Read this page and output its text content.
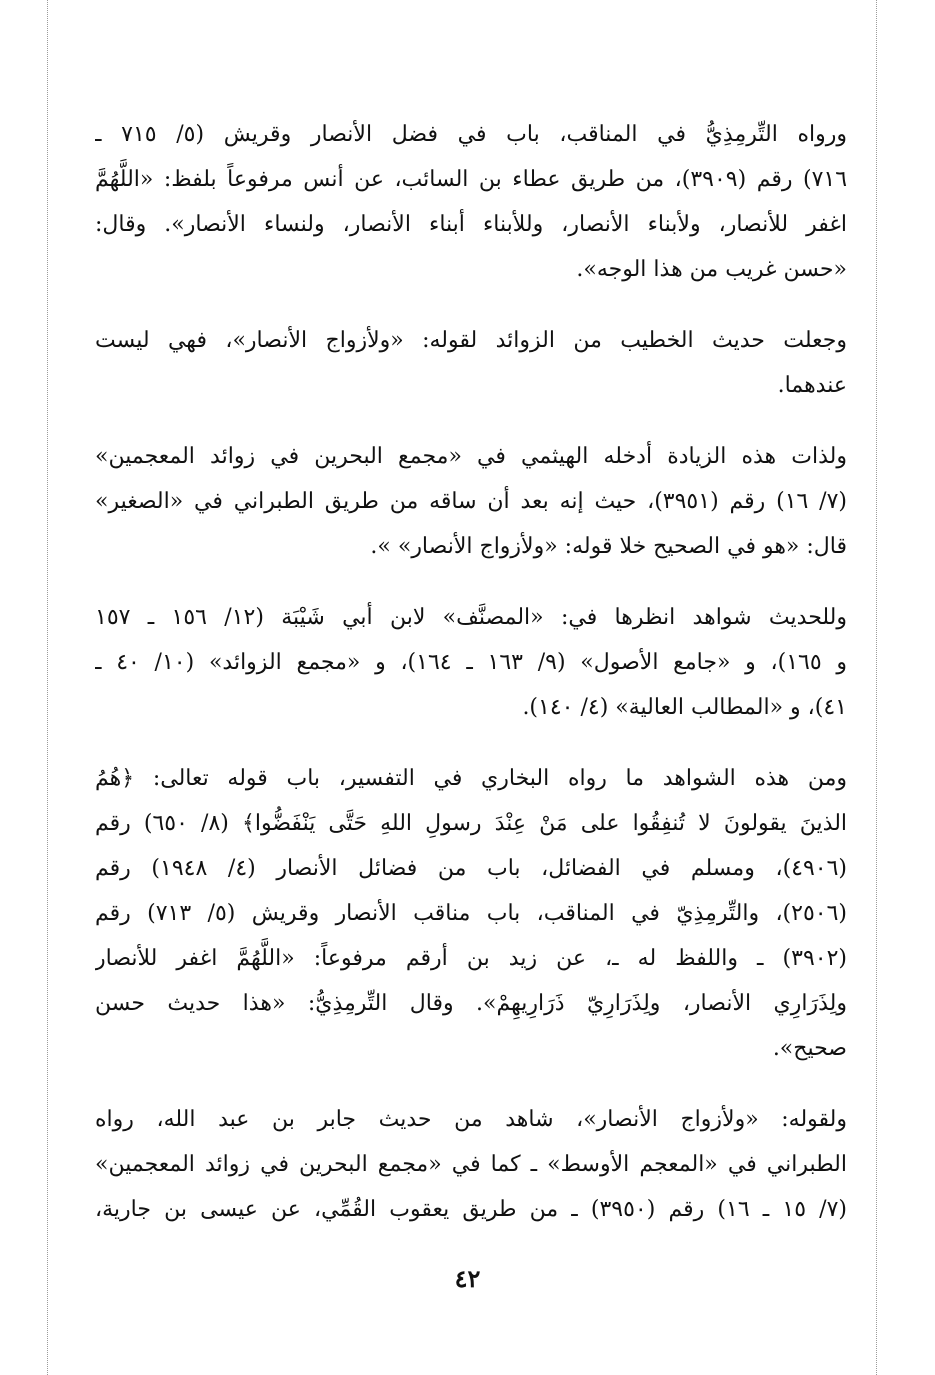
ورواه التِّرمِذِيُّ في المناقب، باب في فضل الأنصار وقريش (٥/ ٧١٥ ـ
٧١٦) رقم (٣٩٠٩)، من طريق عطاء بن السائب، عن أنس مرفوعاً بلفظ: «اللَّهُمَّ
اغفر للأنصار، ولأبناء الأنصار، وللأبناء أبناء الأنصار، ولنساء الأنصار». وقال:
«حسن غريب من هذا الوجه».
وجعلت حديث الخطيب من الزوائد لقوله: «ولأزواج الأنصار»، فهي ليست
عندهما.
ولذات هذه الزيادة أدخله الهيثمي في «مجمع البحرين في زوائد المعجمين»
(٧/ ١٦) رقم (٣٩٥١)، حيث إنه بعد أن ساقه من طريق الطبراني في «الصغير»
قال: «هو في الصحيح خلا قوله: «ولأزواج الأنصار» ».
وللحديث شواهد انظرها في: «المصنَّف» لابن أبي شَيْبَة (١٢/ ١٥٦ ـ ١٥٧
و ١٦٥)، و «جامع الأصول» (٩/ ١٦٣ ـ ١٦٤)، و «مجمع الزوائد» (١٠/ ٤٠ ـ
٤١)، و «المطالب العالية» (٤/ ١٤٠).
ومن هذه الشواهد ما رواه البخاري في التفسير، باب قوله تعالى: ﴿هُمُ
الذينَ يقولونَ لا تُنفِقُوا على مَنْ عِنْدَ رسولِ اللهِ حَتَّى يَنْفَضُّوا﴾ (٨/ ٦٥٠) رقم
(٤٩٠٦)، ومسلم في الفضائل، باب من فضائل الأنصار (٤/ ١٩٤٨) رقم
(٢٥٠٦)، والتِّرمِذِيّ في المناقب، باب مناقب الأنصار وقريش (٥/ ٧١٣) رقم
(٣٩٠٢) ـ واللفظ له ـ، عن زيد بن أرقم مرفوعاً: «اللَّهُمَّ اغفر للأنصار
ولِذَرَارِي الأنصار، ولِذَرَارِيّ ذَرَارِيهِمْ». وقال التِّرمِذِيُّ: «هذا حديث حسن
صحيح».
ولقوله: «ولأزواج الأنصار»، شاهد من حديث جابر بن عبد الله، رواه
الطبراني في «المعجم الأوسط» ـ كما في «مجمع البحرين في زوائد المعجمين»
(٧/ ١٥ ـ ١٦) رقم (٣٩٥٠) ـ من طريق يعقوب القُمِّي، عن عيسى بن جارية،
٤٢
